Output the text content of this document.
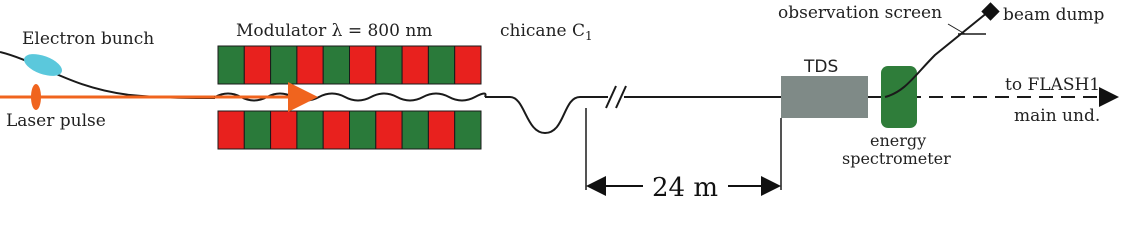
Electron bunch
Laser pulse
Modulator λ = 800 nm	chicane $C_1$
observation screen	beam dump
TDS
to FLASH1
main und.
energy
spectrometer
24 m
